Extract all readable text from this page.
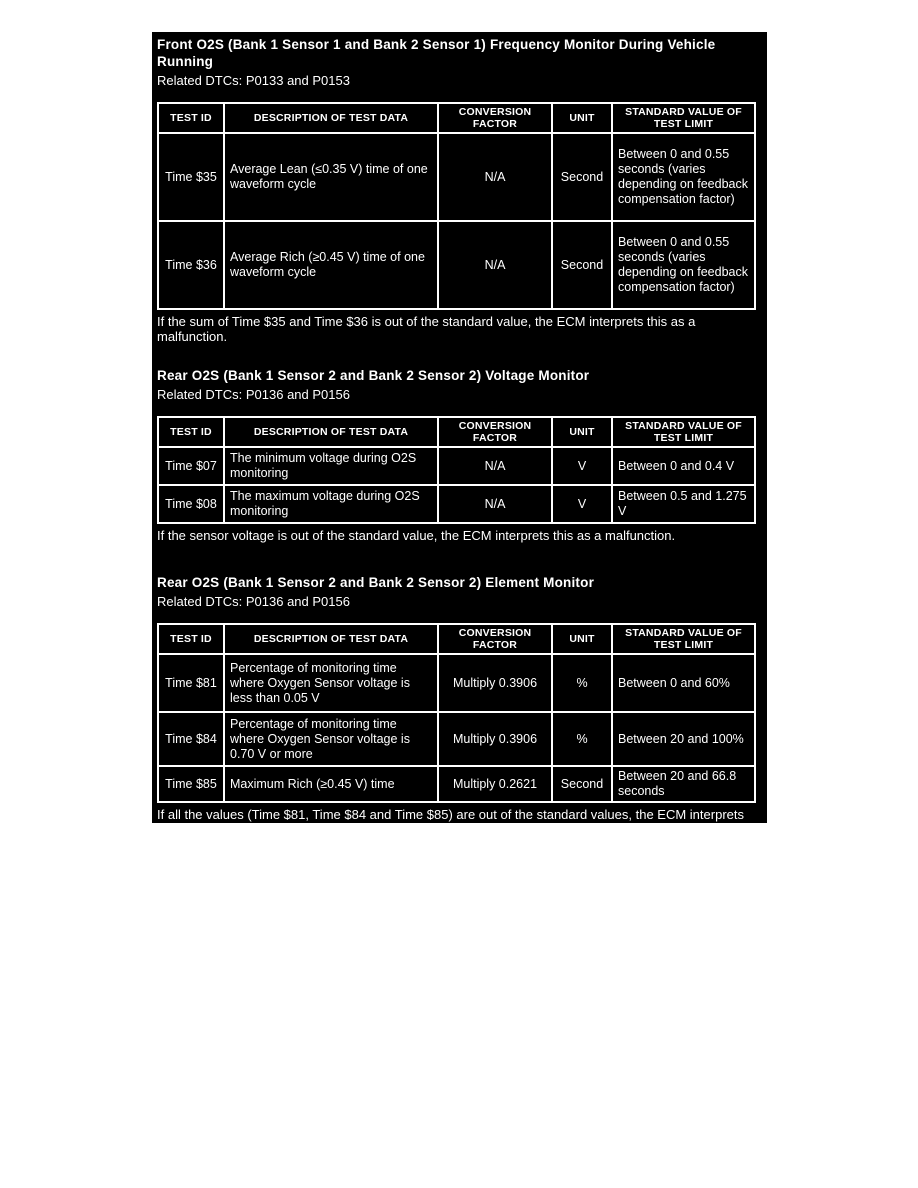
Front O2S (Bank 1 Sensor 1 and Bank 2 Sensor 1) Frequency Monitor During Vehicle Running

Related DTCs: P0133 and P0153

TEST ID	DESCRIPTION OF TEST DATA	CONVERSION FACTOR	UNIT	STANDARD VALUE OF TEST LIMIT
Time $35	Average Lean (≤0.35 V) time of one waveform cycle	N/A	Second	Between 0 and 0.55 seconds (varies depending on feedback compensation factor)
Time $36	Average Rich (≥0.45 V) time of one waveform cycle	N/A	Second	Between 0 and 0.55 seconds (varies depending on feedback compensation factor)

If the sum of Time $35 and Time $36 is out of the standard value, the ECM interprets this as a malfunction.

Rear O2S (Bank 1 Sensor 2 and Bank 2 Sensor 2) Voltage Monitor

Related DTCs: P0136 and P0156

TEST ID	DESCRIPTION OF TEST DATA	CONVERSION FACTOR	UNIT	STANDARD VALUE OF TEST LIMIT
Time $07	The minimum voltage during O2S monitoring	N/A	V	Between 0 and 0.4 V
Time $08	The maximum voltage during O2S monitoring	N/A	V	Between 0.5 and 1.275 V

If the sensor voltage is out of the standard value, the ECM interprets this as a malfunction.

Rear O2S (Bank 1 Sensor 2 and Bank 2 Sensor 2) Element Monitor

Related DTCs: P0136 and P0156

TEST ID	DESCRIPTION OF TEST DATA	CONVERSION FACTOR	UNIT	STANDARD VALUE OF TEST LIMIT
Time $81	Percentage of monitoring time where Oxygen Sensor voltage is less than 0.05 V	Multiply 0.3906	%	Between 0 and 60%
Time $84	Percentage of monitoring time where Oxygen Sensor voltage is 0.70 V or more	Multiply 0.3906	%	Between 20 and 100%
Time $85	Maximum Rich (≥0.45 V) time	Multiply 0.2621	Second	Between 20 and 66.8 seconds

If all the values (Time $81, Time $84 and Time $85) are out of the standard values, the ECM interprets this as a malfunction.
